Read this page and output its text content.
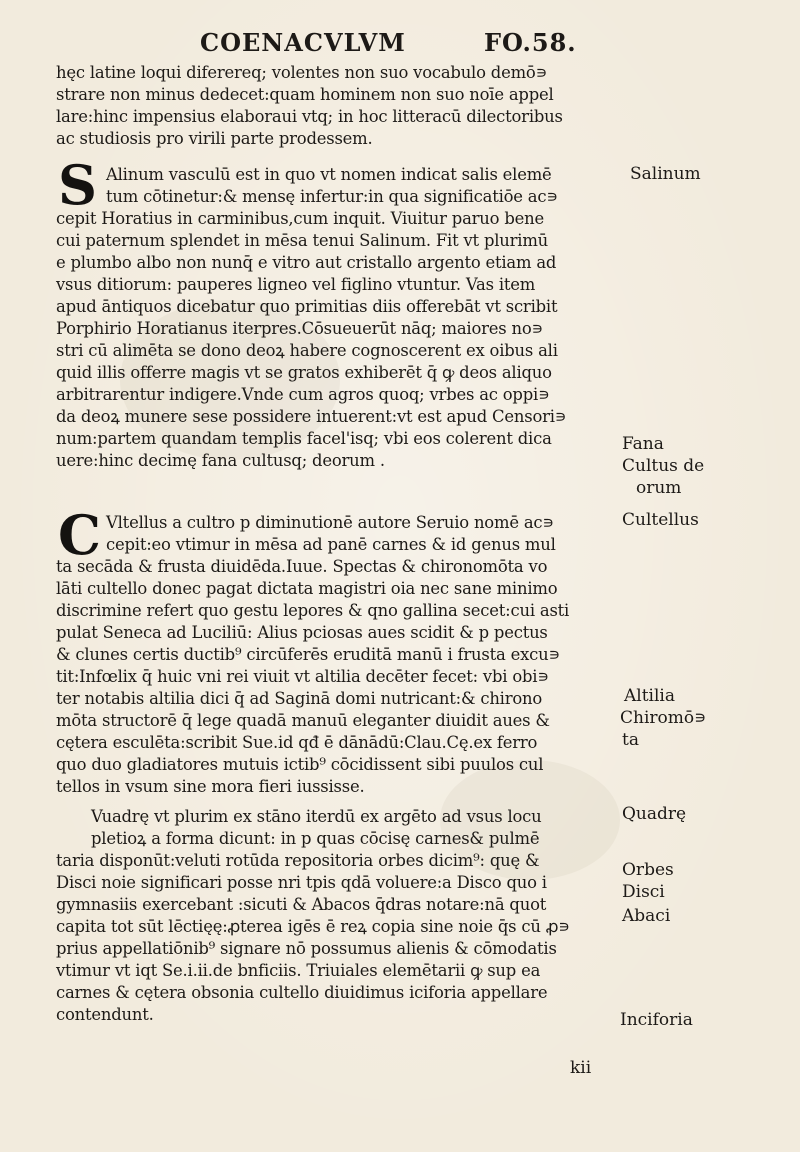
COENACVLVM	FO.58.
S
C
hęc latine loqui diferereq; volentes non suo vocabulo demō∍
strare non minus dedecet:quam hominem non suo noīe appel
lare:hinc impensius elaboraui vtq; in hoc litteracū dilectoribus
ac studiosis pro virili parte prodessem.
Alinum vasculū est in quo vt nomen indicat salis elemē
tum cōtinetur:& mensę infertur:in qua significatiōe ac∍
cepit Horatius in carminibus,cum inquit. Viuitur paruo bene
cui paternum splendet in mēsa tenui Salinum. Fit vt plurimū
e plumbo albo non nunq̄ e vitro aut cristallo argento etiam ad
vsus ditiorum: pauperes ligneo vel figlino vtuntur. Vas item
apud āntiquos dicebatur quo primitias diis offerebāt vt scribit
Porphirio Horatianus iterpres.Cōsueuerūt nāq; maiores no∍
stri cū alimēta se dono deoꝝ habere cognoscerent ex oibus ali
quid illis offerre magis vt se gratos exhiberēt q̄ ꝙ deos aliquo
arbitrarentur indigere.Vnde cum agros quoq; vrbes ac oppi∍
da deoꝝ munere sese possidere intuerent:vt est apud Censori∍
num:partem quandam templis facel'isq; vbi eos colerent dica
uere:hinc decimę fana cultusq; deorum .
Vltellus a cultro p diminutionē autore Seruio nomē ac∍
cepit:eo vtimur in mēsa ad panē carnes & id genus mul
ta secāda & frusta diuidēda.Iuue. Spectas & chironomōta vo
lāti cultello donec pagat dictata magistri oia nec sane minimo
discrimine refert quo gestu lepores & qno gallina secet:cui asti
pulat Seneca ad Luciliū: Alius pciosas aues scidit & p pectus
& clunes certis ductib⁹ circūferēs eruditā manū i frusta excu∍
tit:Infœlix q̄ huic vni rei viuit vt altilia decēter fecet: vbi obi∍
ter notabis altilia dici q̄ ad Saginā domi nutricant:& chirono
mōta structorē q̄ lege quadā manuū eleganter diuidit aues &
cętera esculēta:scribit Sue.id qđ ē dānādū:Clau.Cę.ex ferro
quo duo gladiatores mutuis ictib⁹ cōcidissent sibi puulos cul
tellos in vsum sine mora fieri iussisse.
Vuadrę vt plurim ex stāno iterdū ex argēto ad vsus locu
pletioꝝ a forma dicunt: in p quas cōcisę carnes& pulmē
taria disponūt:veluti rotūda repositoria orbes dicim⁹: quę &
Disci noie significari posse nri tpis qdā voluere:a Disco quo i
gymnasiis exercebant :sicuti & Abacos q̄dras notare:nā quot
capita tot sūt lēctięę:ꝓterea igēs ē reꝝ copia sine noie q̄s cū ꝓ∍
prius appellatiōnib⁹ signare nō possumus alienis & cōmodatis
vtimur vt iqt Se.i.ii.de bnficiis. Triuiales elemētarii ꝙ sup ea
carnes & cętera obsonia cultello diuidimus iciforia appellare
contendunt.
Salinum
Fana
Cultus de
orum
Cultellus
Altilia
Chiromō∍
ta
Quadrę
Orbes
Disci
Abaci
Inciforia
kii
